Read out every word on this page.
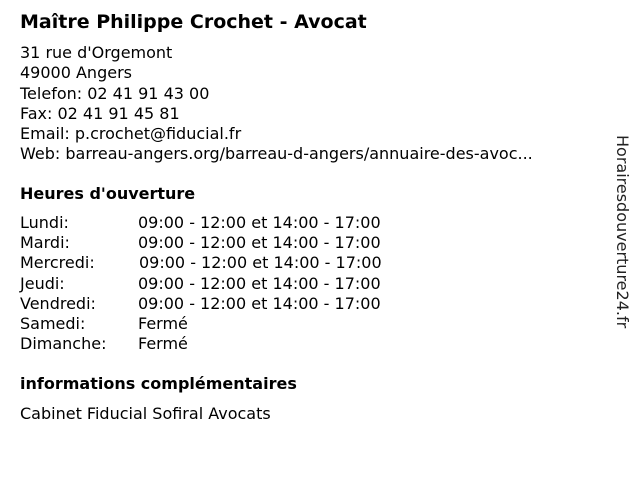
Maître Philippe Crochet - Avocat
31 rue d'Orgemont
49000 Angers
Telefon: 02 41 91 43 00
Fax: 02 41 91 45 81
Email: p.crochet@fiducial.fr
Web: barreau-angers.org/barreau-d-angers/annuaire-des-avoc...
Heures d'ouverture
Lundi:	09:00 - 12:00 et 14:00 - 17:00
Mardi:	09:00 - 12:00 et 14:00 - 17:00
Mercredi:	09:00 - 12:00 et 14:00 - 17:00
Jeudi:	09:00 - 12:00 et 14:00 - 17:00
Vendredi:	09:00 - 12:00 et 14:00 - 17:00
Samedi:	Fermé
Dimanche: Fermé
informations complémentaires
Cabinet Fiducial Sofiral Avocats
Horairesdouverture24.fr
